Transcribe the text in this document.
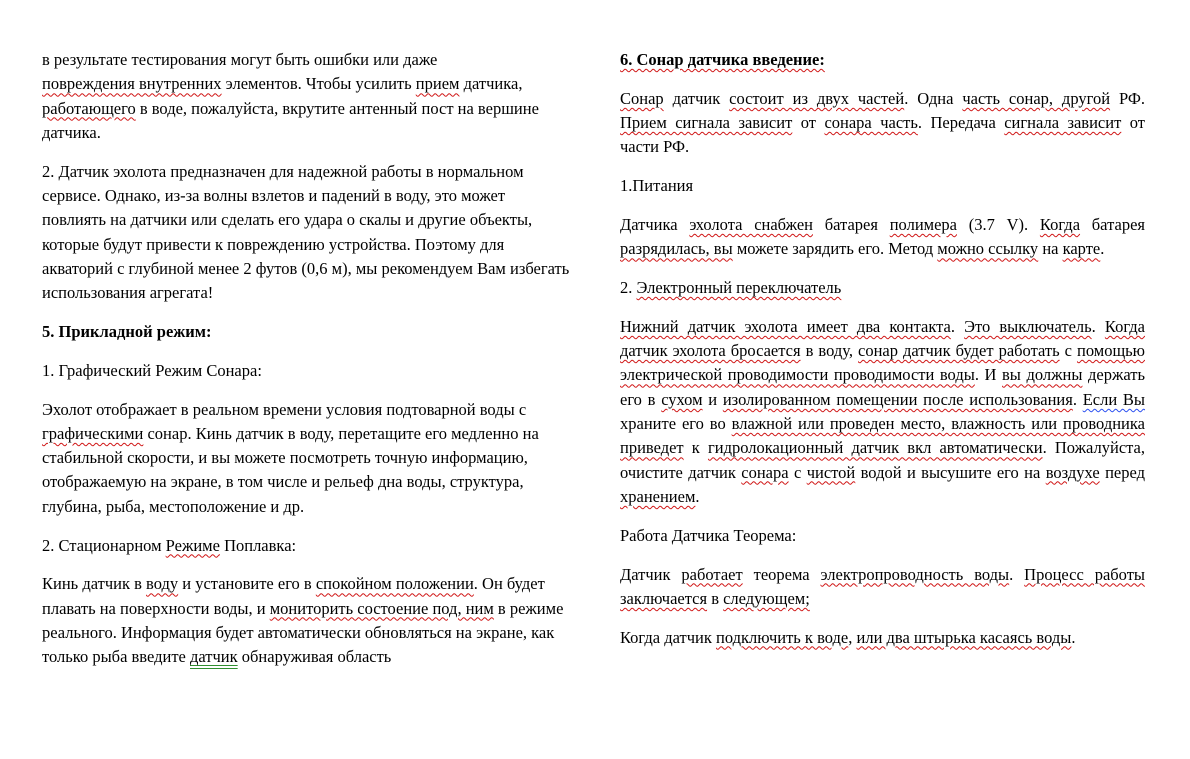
в результате тестирования могут быть ошибки или даже
повреждения внутренних элементов. Чтобы усилить прием датчика, работающего в воде, пожалуйста, вкрутите антенный пост на вершине датчика.

2. Датчик эхолота предназначен для надежной работы в нормальном сервисе. Однако, из-за волны взлетов и падений в воду, это может повлиять на датчики или сделать его удара о скалы и другие объекты, которые будут привести к повреждению устройства. Поэтому для акваторий с глубиной менее 2 футов (0,6 м), мы рекомендуем Вам избегать использования агрегата!

5. Прикладной режим:

1. Графический Режим Сонара:

Эхолот отображает в реальном времени условия подтоварной воды с графическими сонар. Кинь датчик в воду, перетащите его медленно на стабильной скорости, и вы можете посмотреть точную информацию, отображаемую на экране, в том числе и рельеф дна воды, структура, глубина, рыба, местоположение и др.

2. Стационарном Режиме Поплавка:

Кинь датчик в воду и установите его в спокойном положении. Он будет плавать на поверхности воды, и мониторить состоение под, ним в режиме реального. Информация будет автоматически обновляться на экране, как только рыба введите датчик обнаруживая область

6. Сонар датчика введение:

Сонар датчик состоит из двух частей. Одна часть сонар, другой РФ. Прием сигнала зависит от сонара часть. Передача сигнала зависит от части РФ.

1.Питания

Датчика эхолота снабжен батарея полимера (3.7 V). Когда батарея разрядилась, вы можете зарядить его. Метод можно ссылку на карте.

2. Электронный переключатель

Нижний датчик эхолота имеет два контакта. Это выключатель. Когда датчик эхолота бросается в воду, сонар датчик будет работать с помощью электрической проводимости проводимости воды. И вы должны держать его в сухом и изолированном помещении после использования. Если Вы храните его во влажной или проведен место, влажность или проводника приведет к гидролокационный датчик вкл автоматически. Пожалуйста, очистите датчик сонара с чистой водой и высушите его на воздухе перед хранением.

Работа Датчика Теорема:

Датчик работает теорема электропроводность воды. Процесс работы заключается в следующем;

Когда датчик подключить к воде, или два штырька касаясь воды.
